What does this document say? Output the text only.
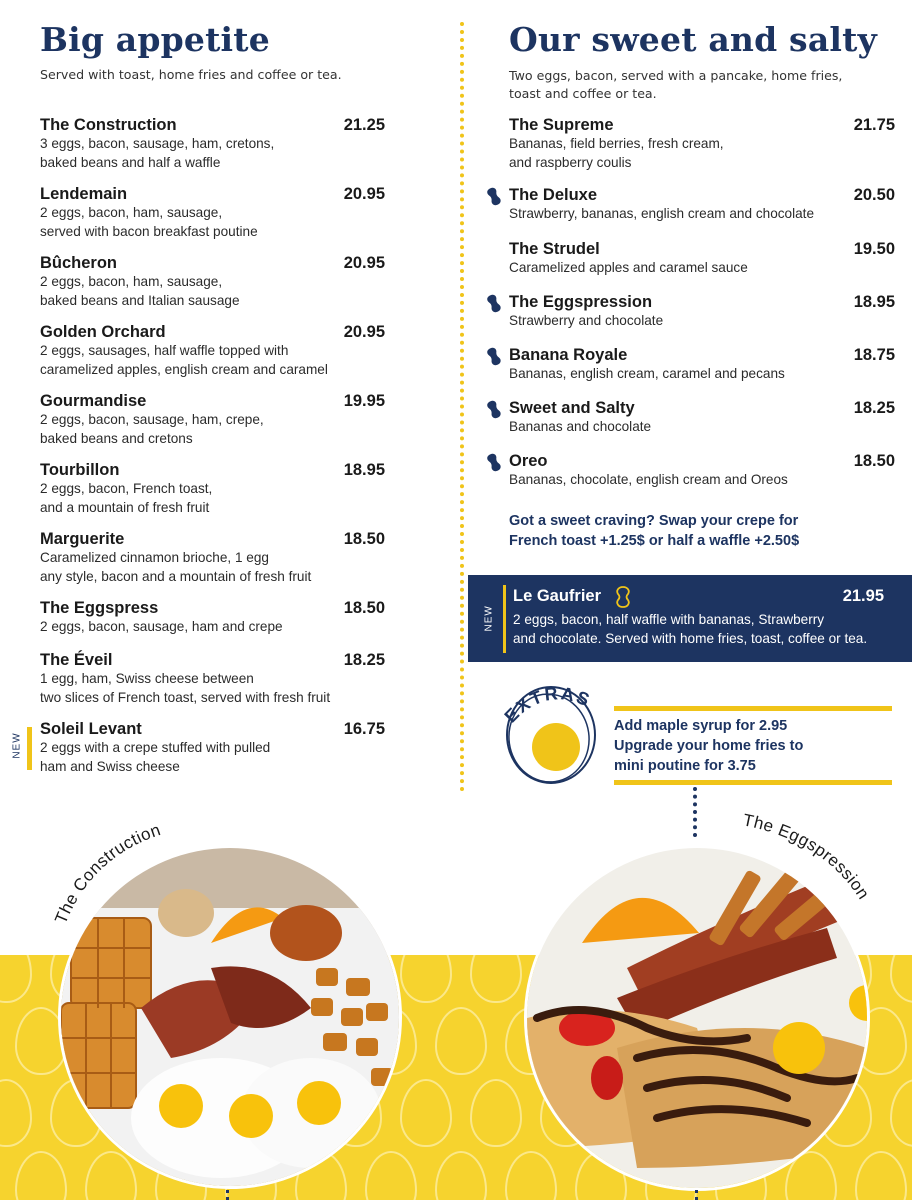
Big appetite
Served with toast, home fries and coffee or tea.
The Construction	21.25
3 eggs, bacon, sausage, ham, cretons,
baked beans and half a waffle
Lendemain	20.95
2 eggs, bacon, ham, sausage,
served with bacon breakfast poutine
Bûcheron	20.95
2 eggs, bacon, ham, sausage,
baked beans and Italian sausage
Golden Orchard	20.95
2 eggs, sausages, half waffle topped with
caramelized apples, english cream and caramel
Gourmandise	19.95
2 eggs, bacon, sausage, ham, crepe,
baked beans and cretons
Tourbillon	18.95
2 eggs, bacon, French toast,
and a mountain of fresh fruit
Marguerite	18.50
Caramelized cinnamon brioche, 1 egg
any style, bacon and a mountain of fresh fruit
The Eggspress	18.50
2 eggs, bacon, sausage, ham and crepe
The Éveil	18.25
1 egg, ham, Swiss cheese between
two slices of French toast, served with fresh fruit
Soleil Levant	16.75
2 eggs with a crepe stuffed with pulled
ham and Swiss cheese
NEW
Our sweet and salty
Two eggs, bacon, served with a pancake, home fries,
toast and coffee or tea.
The Supreme	21.75
Bananas, field berries, fresh cream,
and raspberry coulis
The Deluxe	20.50
Strawberry, bananas, english cream and chocolate
The Strudel	19.50
Caramelized apples and caramel sauce
The Eggspression	18.95
Strawberry and chocolate
Banana Royale	18.75
Bananas, english cream, caramel and pecans
Sweet and Salty	18.25
Bananas and chocolate
Oreo	18.50
Bananas, chocolate, english cream and Oreos
Got a sweet craving? Swap your crepe for
French toast +1.25$ or half a waffle +2.50$
NEW
Le Gaufrier	21.95
2 eggs, bacon, half waffle with bananas, Strawberry
and chocolate. Served with home fries, toast, coffee or tea.
EXTRAS
Add maple syrup for 2.95
Upgrade your home fries to
mini poutine for 3.75
The Construction	The Eggspression
